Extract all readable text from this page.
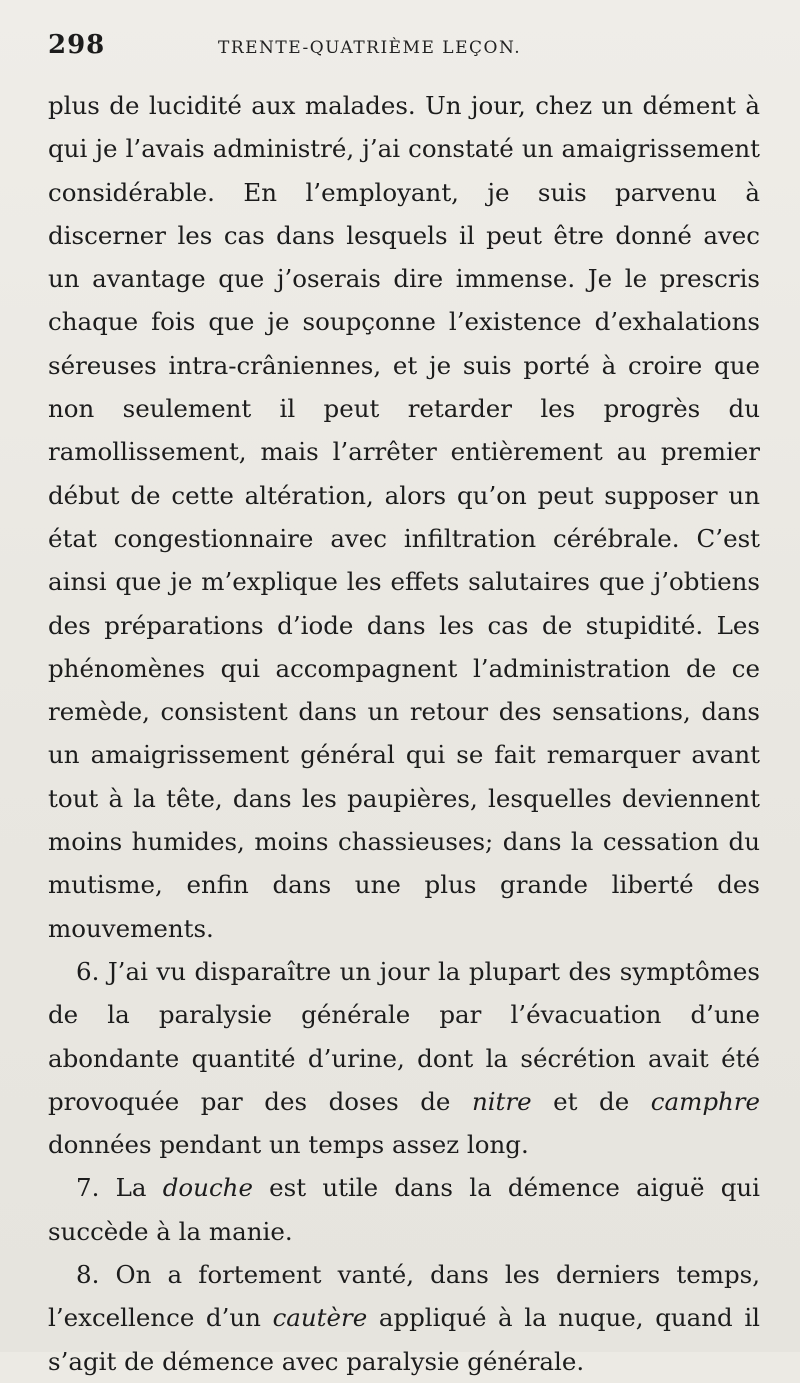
298	TRENTE-QUATRIÈME LEÇON.

plus de lucidité aux malades. Un jour, chez un dément à qui je l’avais administré, j’ai constaté un amaigrissement considérable. En l’employant, je suis parvenu à discerner les cas dans lesquels il peut être donné avec un avantage que j’oserais dire immense. Je le prescris chaque fois que je soupçonne l’existence d’exhalations séreuses intra-crâniennes, et je suis porté à croire que non seulement il peut retarder les progrès du ramollissement, mais l’arrêter entièrement au premier début de cette altération, alors qu’on peut supposer un état congestionnaire avec infiltration cérébrale. C’est ainsi que je m’explique les effets salutaires que j’obtiens des préparations d’iode dans les cas de stupidité. Les phénomènes qui accompagnent l’administration de ce remède, consistent dans un retour des sensations, dans un amaigrissement général qui se fait remarquer avant tout à la tête, dans les paupières, lesquelles deviennent moins humides, moins chassieuses; dans la cessation du mutisme, enfin dans une plus grande liberté des mouvements.

6. J’ai vu disparaître un jour la plupart des symptômes de la paralysie générale par l’évacuation d’une abondante quantité d’urine, dont la sécrétion avait été provoquée par des doses de nitre et de camphre données pendant un temps assez long.

7. La douche est utile dans la démence aiguë qui succède à la manie.

8. On a fortement vanté, dans les derniers temps, l’excellence d’un cautère appliqué à la nuque, quand il s’agit de démence avec paralysie générale.
